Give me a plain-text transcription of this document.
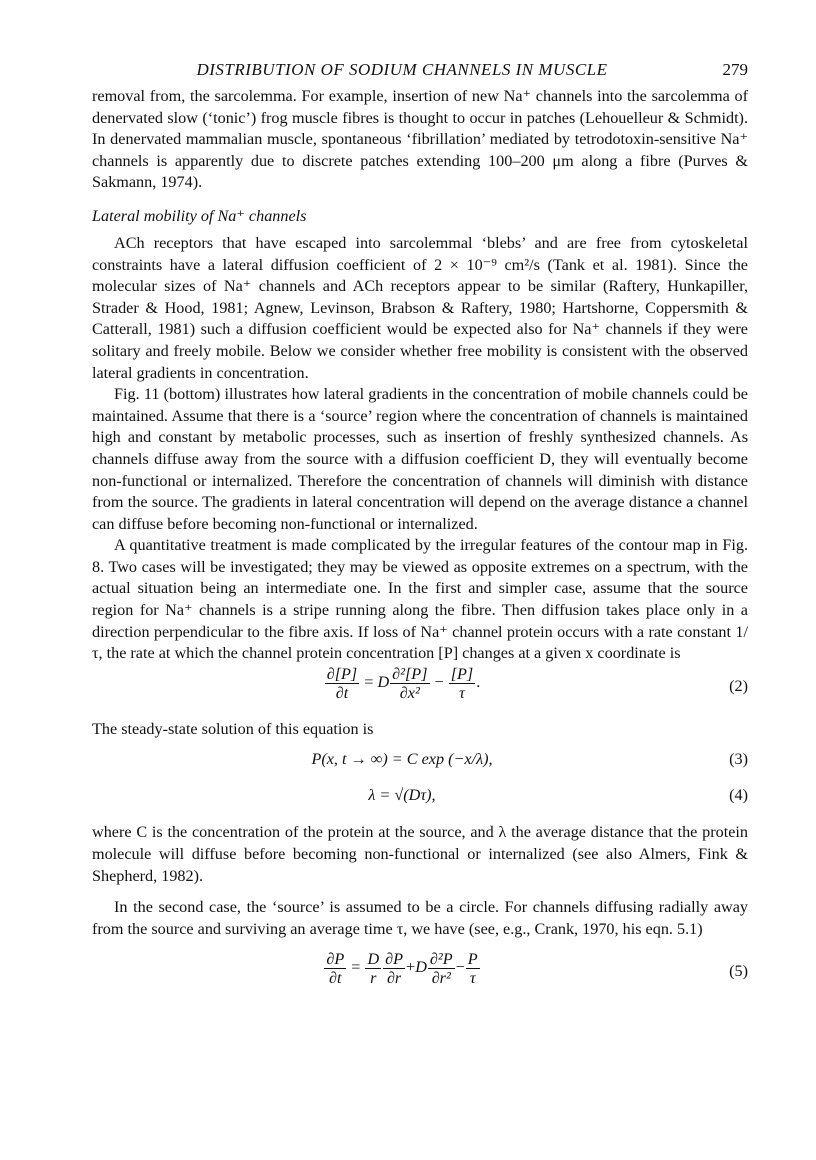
DISTRIBUTION OF SODIUM CHANNELS IN MUSCLE	279

removal from, the sarcolemma. For example, insertion of new Na⁺ channels into the sarcolemma of denervated slow (‘tonic’) frog muscle fibres is thought to occur in patches (Lehouelleur & Schmidt). In denervated mammalian muscle, spontaneous ‘fibrillation’ mediated by tetrodotoxin-sensitive Na⁺ channels is apparently due to discrete patches extending 100–200 μm along a fibre (Purves & Sakmann, 1974).

Lateral mobility of Na⁺ channels

ACh receptors that have escaped into sarcolemmal ‘blebs’ and are free from cytoskeletal constraints have a lateral diffusion coefficient of 2 × 10⁻⁹ cm²/s (Tank et al. 1981). Since the molecular sizes of Na⁺ channels and ACh receptors appear to be similar (Raftery, Hunkapiller, Strader & Hood, 1981; Agnew, Levinson, Brabson & Raftery, 1980; Hartshorne, Coppersmith & Catterall, 1981) such a diffusion coefficient would be expected also for Na⁺ channels if they were solitary and freely mobile. Below we consider whether free mobility is consistent with the observed lateral gradients in concentration.

Fig. 11 (bottom) illustrates how lateral gradients in the concentration of mobile channels could be maintained. Assume that there is a ‘source’ region where the concentration of channels is maintained high and constant by metabolic processes, such as insertion of freshly synthesized channels. As channels diffuse away from the source with a diffusion coefficient D, they will eventually become non-functional or internalized. Therefore the concentration of channels will diminish with distance from the source. The gradients in lateral concentration will depend on the average distance a channel can diffuse before becoming non-functional or internalized.

A quantitative treatment is made complicated by the irregular features of the contour map in Fig. 8. Two cases will be investigated; they may be viewed as opposite extremes on a spectrum, with the actual situation being an intermediate one. In the first and simpler case, assume that the source region for Na⁺ channels is a stripe running along the fibre. Then diffusion takes place only in a direction perpendicular to the fibre axis. If loss of Na⁺ channel protein occurs with a rate constant 1/τ, the rate at which the channel protein concentration [P] changes at a given x coordinate is

$\frac{\partial[P]}{\partial t} = D \frac{\text{∂²[P]}}{\text{∂x²}} - \frac{[P]}{\tau}$ .	(2)

The steady-state solution of this equation is

P(x, t → ∞) = C exp (−x/λ),	(3)
λ = √(Dτ),	(4)

where C is the concentration of the protein at the source, and λ the average distance that the protein molecule will diffuse before becoming non-functional or internalized (see also Almers, Fink & Shepherd, 1982).

In the second case, the ‘source’ is assumed to be a circle. For channels diffusing radially away from the source and surviving an average time τ, we have (see, e.g., Crank, 1970, his eqn. 5.1)

$\frac{\partial P}{\partial t} = \frac{D}{r} \frac{\partial P}{\partial r} +D \frac{\text{∂²P}}{\text{∂r²}} - \frac{P}{\tau}$	(5)
